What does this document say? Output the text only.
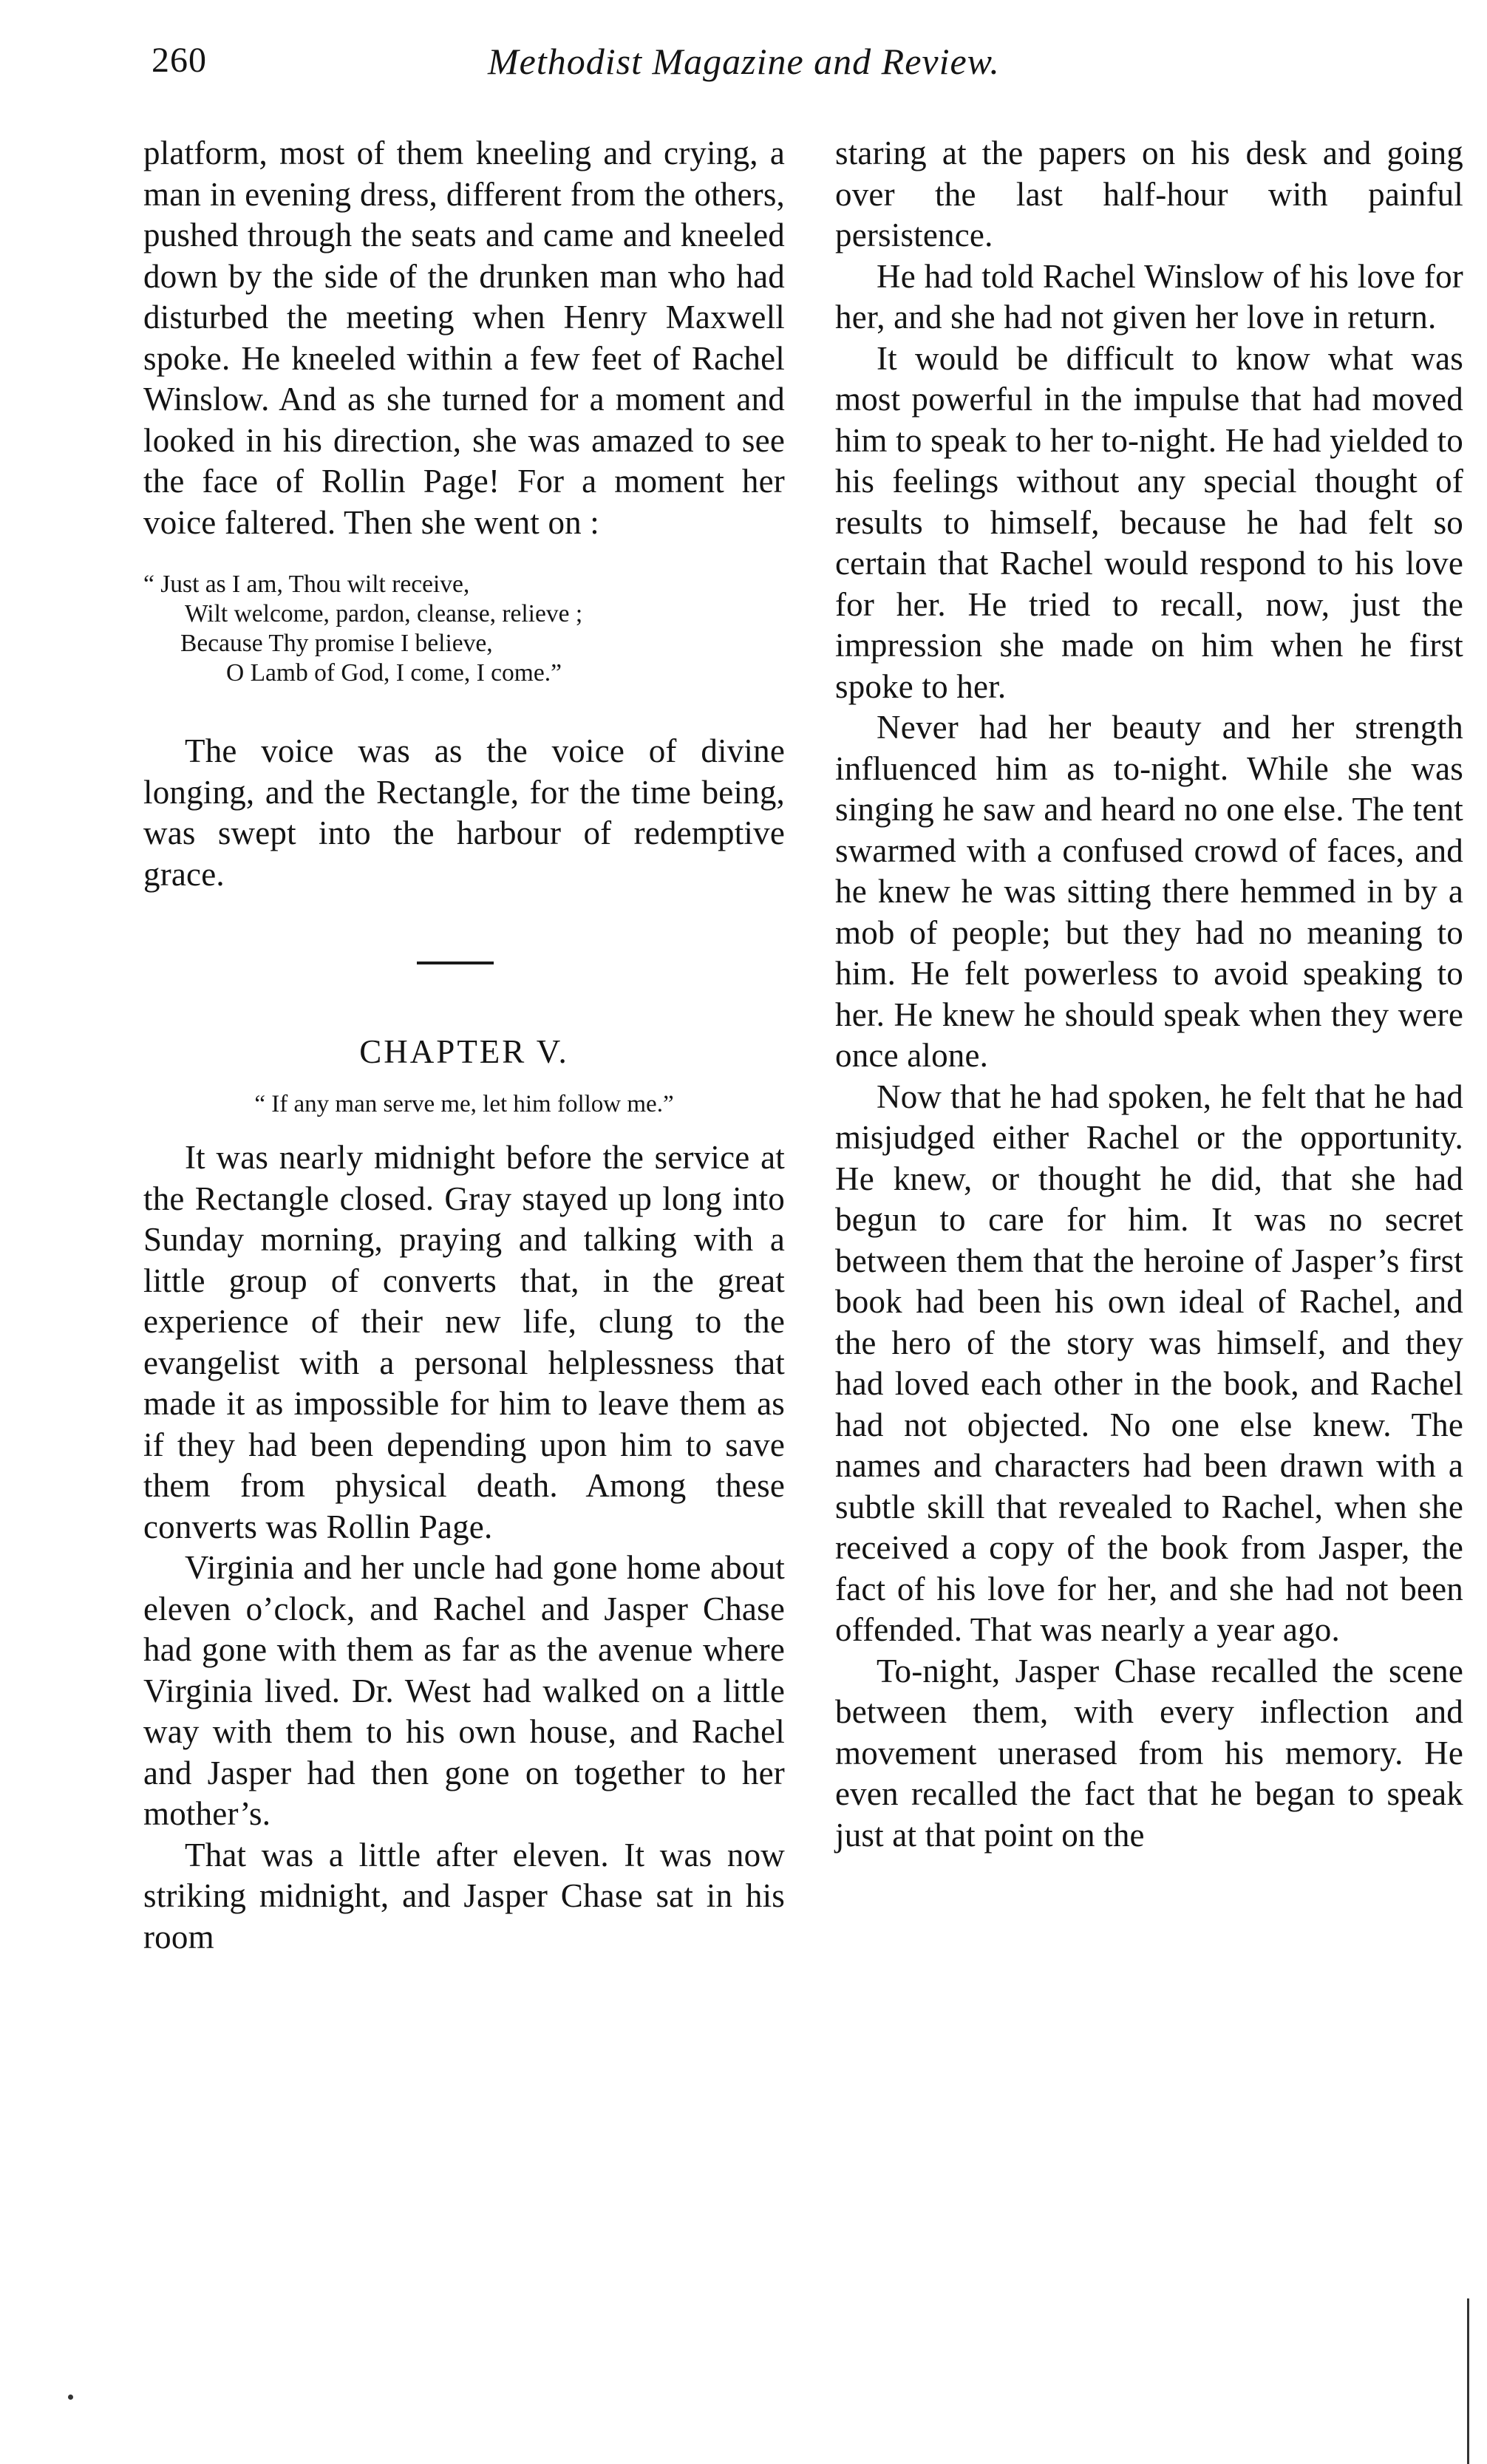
260	Methodist Magazine and Review.

platform, most of them kneeling and crying, a man in evening dress, different from the others, pushed through the seats and came and kneeled down by the side of the drunken man who had disturbed the meeting when Henry Maxwell spoke. He kneeled within a few feet of Rachel Winslow. And as she turned for a moment and looked in his direction, she was amazed to see the face of Rollin Page! For a moment her voice faltered. Then she went on :

“ Just as I am, Thou wilt receive,
Wilt welcome, pardon, cleanse, relieve ;
Because Thy promise I believe,
O Lamb of God, I come, I come.”

The voice was as the voice of divine longing, and the Rectangle, for the time being, was swept into the harbour of redemptive grace.

CHAPTER V.
“ If any man serve me, let him follow me.”

It was nearly midnight before the service at the Rectangle closed. Gray stayed up long into Sunday morning, praying and talking with a little group of converts that, in the great experience of their new life, clung to the evangelist with a personal helplessness that made it as impossible for him to leave them as if they had been depending upon him to save them from physical death. Among these converts was Rollin Page.

Virginia and her uncle had gone home about eleven o’clock, and Rachel and Jasper Chase had gone with them as far as the avenue where Virginia lived. Dr. West had walked on a little way with them to his own house, and Rachel and Jasper had then gone on together to her mother’s.

That was a little after eleven. It was now striking midnight, and Jasper Chase sat in his room

staring at the papers on his desk and going over the last half-hour with painful persistence.

He had told Rachel Winslow of his love for her, and she had not given her love in return.

It would be difficult to know what was most powerful in the impulse that had moved him to speak to her to-night. He had yielded to his feelings without any special thought of results to himself, because he had felt so certain that Rachel would respond to his love for her. He tried to recall, now, just the impression she made on him when he first spoke to her.

Never had her beauty and her strength influenced him as to-night. While she was singing he saw and heard no one else. The tent swarmed with a confused crowd of faces, and he knew he was sitting there hemmed in by a mob of people; but they had no meaning to him. He felt powerless to avoid speaking to her. He knew he should speak when they were once alone.

Now that he had spoken, he felt that he had misjudged either Rachel or the opportunity. He knew, or thought he did, that she had begun to care for him. It was no secret between them that the heroine of Jasper’s first book had been his own ideal of Rachel, and the hero of the story was himself, and they had loved each other in the book, and Rachel had not objected. No one else knew. The names and characters had been drawn with a subtle skill that revealed to Rachel, when she received a copy of the book from Jasper, the fact of his love for her, and she had not been offended. That was nearly a year ago.

To-night, Jasper Chase recalled the scene between them, with every inflection and movement unerased from his memory. He even recalled the fact that he began to speak just at that point on the
